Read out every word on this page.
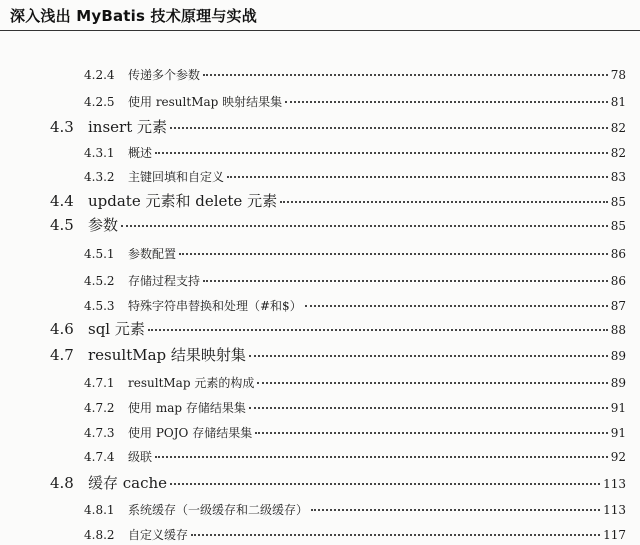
深入浅出 MyBatis 技术原理与实战
4.2.4	传递多个参数	78
4.2.5	使用 resultMap 映射结果集	81
4.3 insert 元素	82
4.3.1	概述	82
4.3.2	主键回填和自定义	83
4.4 update 元素和 delete 元素	85
4.5 参数	85
4.5.1	参数配置	86
4.5.2	存储过程支持	86
4.5.3	特殊字符串替换和处理（#和$）	87
4.6 sql 元素	88
4.7 resultMap 结果映射集	89
4.7.1	resultMap 元素的构成	89
4.7.2	使用 map 存储结果集	91
4.7.3	使用 POJO 存储结果集	91
4.7.4	级联	92
4.8 缓存 cache	113
4.8.1	系统缓存（一级缓存和二级缓存）	113
4.8.2	自定义缓存	117
